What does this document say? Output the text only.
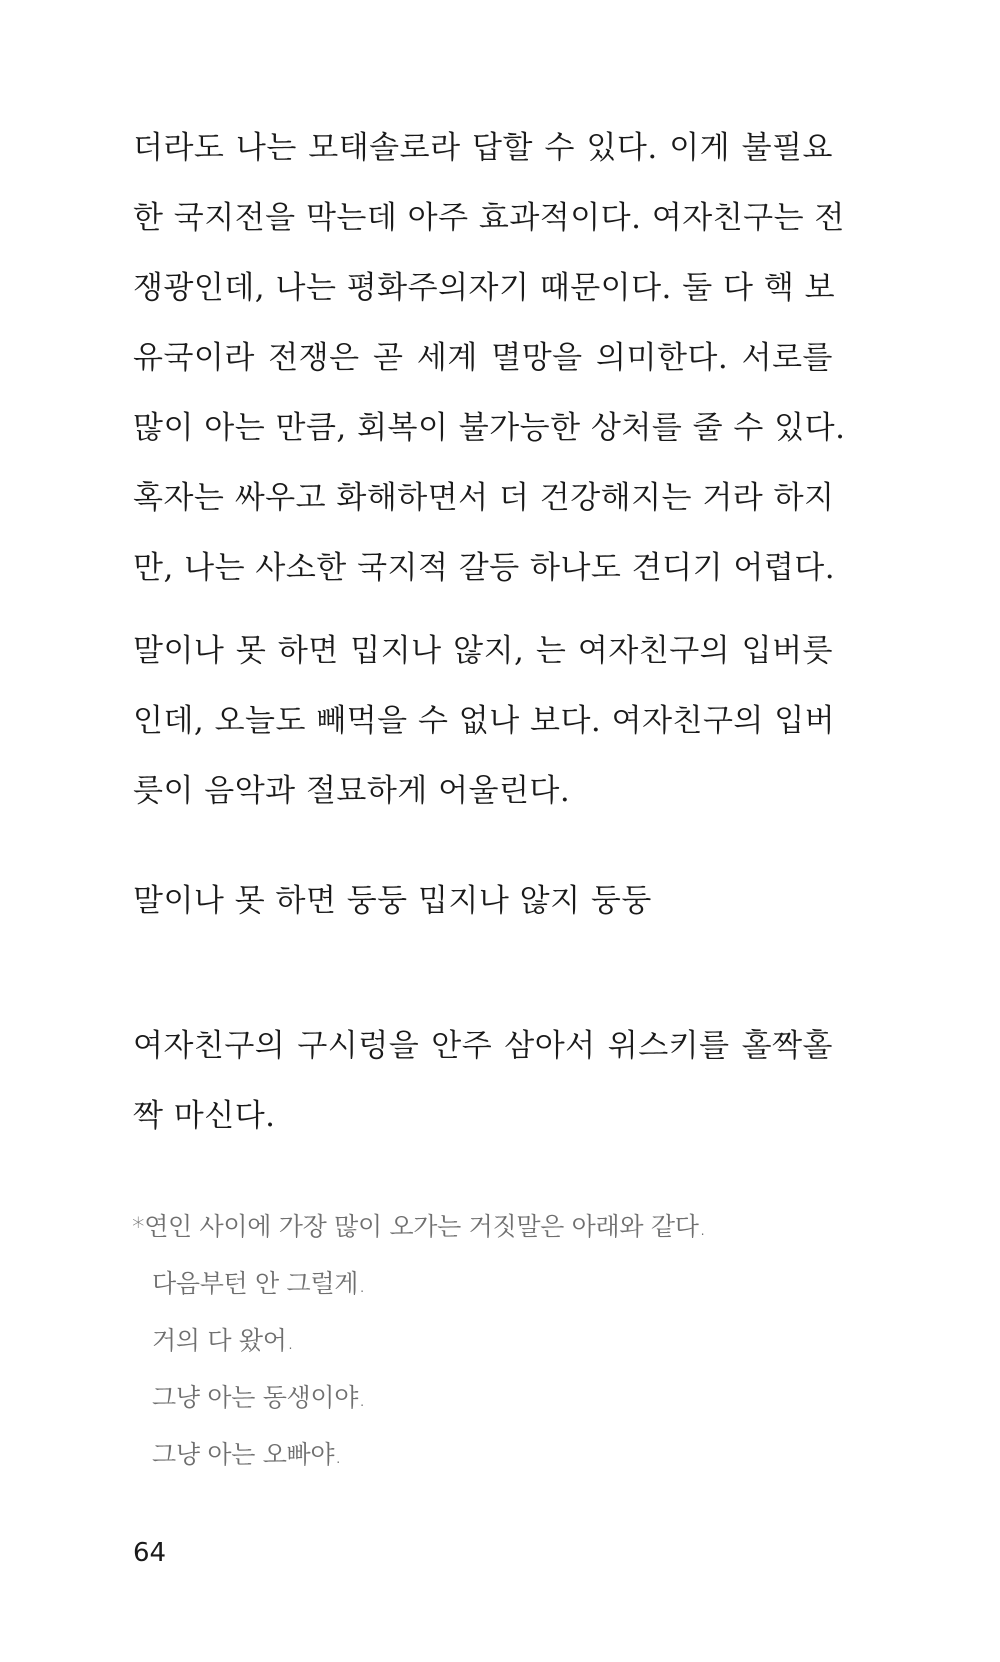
더라도 나는 모태솔로라 답할 수 있다. 이게 불필요
한 국지전을 막는데 아주 효과적이다. 여자친구는 전
쟁광인데, 나는 평화주의자기 때문이다. 둘 다 핵 보
유국이라 전쟁은 곧 세계 멸망을 의미한다. 서로를
많이 아는 만큼, 회복이 불가능한 상처를 줄 수 있다.
혹자는 싸우고 화해하면서 더 건강해지는 거라 하지
만, 나는 사소한 국지적 갈등 하나도 견디기 어렵다.
말이나 못 하면 밉지나 않지, 는 여자친구의 입버릇
인데, 오늘도 빼먹을 수 없나 보다. 여자친구의 입버
릇이 음악과 절묘하게 어울린다.
말이나 못 하면 둥둥 밉지나 않지 둥둥
여자친구의 구시렁을 안주 삼아서 위스키를 홀짝홀
짝 마신다.
*연인 사이에 가장 많이 오가는 거짓말은 아래와 같다.
다음부턴 안 그럴게.
거의 다 왔어.
그냥 아는 동생이야.
그냥 아는 오빠야.
64
